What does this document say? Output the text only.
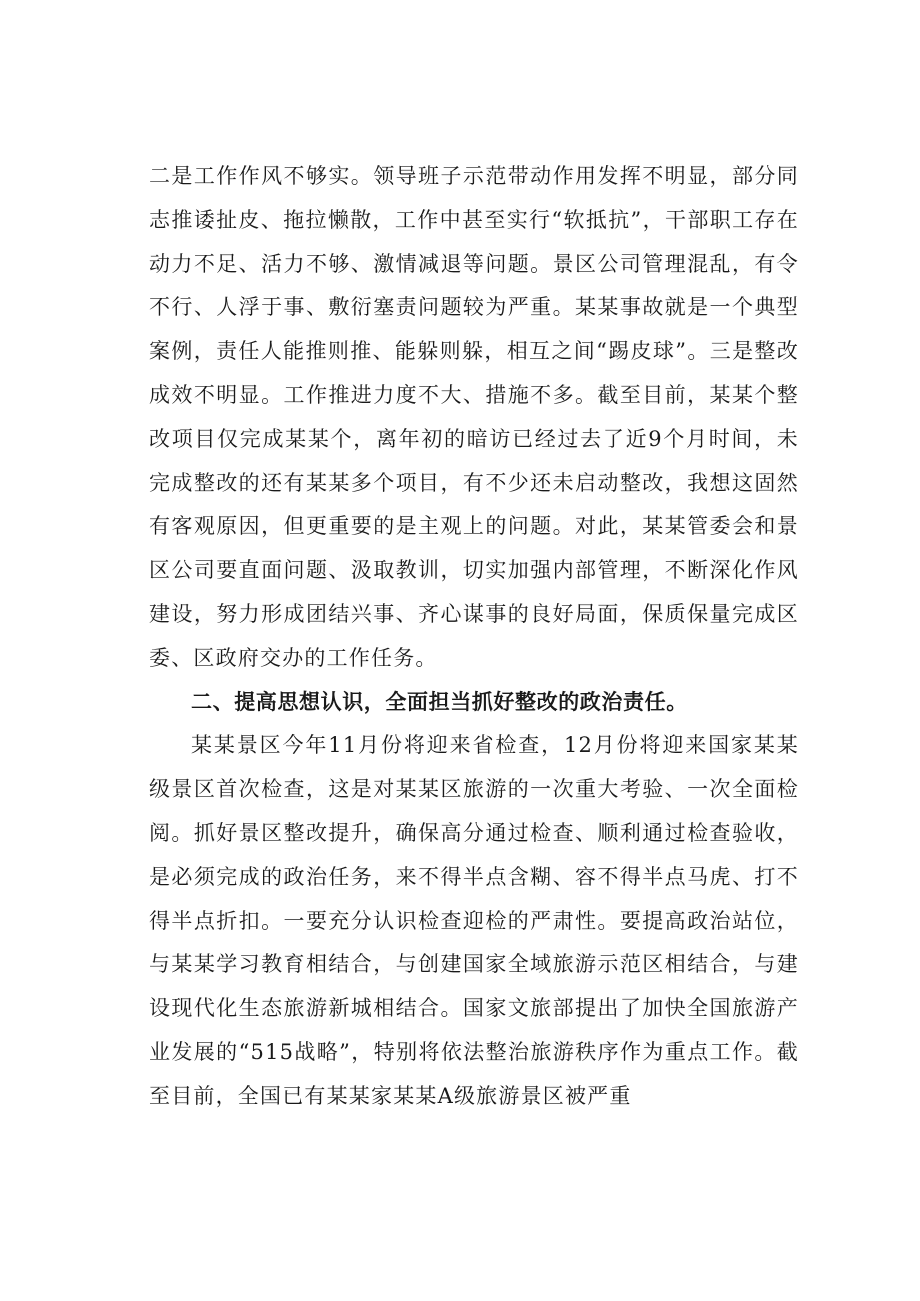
二是工作作风不够实。领导班子示范带动作用发挥不明显，部分同志推诿扯皮、拖拉懒散，工作中甚至实行“软抵抗”，干部职工存在动力不足、活力不够、激情减退等问题。景区公司管理混乱，有令不行、人浮于事、敷衍塞责问题较为严重。某某事故就是一个典型案例，责任人能推则推、能躲则躲，相互之间“踢皮球”。三是整改成效不明显。工作推进力度不大、措施不多。截至目前，某某个整改项目仅完成某某个，离年初的暗访已经过去了近9个月时间，未完成整改的还有某某多个项目，有不少还未启动整改，我想这固然有客观原因，但更重要的是主观上的问题。对此，某某管委会和景区公司要直面问题、汲取教训，切实加强内部管理，不断深化作风建设，努力形成团结兴事、齐心谋事的良好局面，保质保量完成区委、区政府交办的工作任务。

二、提高思想认识，全面担当抓好整改的政治责任。

某某景区今年11月份将迎来省检查，12月份将迎来国家某某级景区首次检查，这是对某某区旅游的一次重大考验、一次全面检阅。抓好景区整改提升，确保高分通过检查、顺利通过检查验收，是必须完成的政治任务，来不得半点含糊、容不得半点马虎、打不得半点折扣。一要充分认识检查迎检的严肃性。要提高政治站位，与某某学习教育相结合，与创建国家全域旅游示范区相结合，与建设现代化生态旅游新城相结合。国家文旅部提出了加快全国旅游产业发展的“515战略”，特别将依法整治旅游秩序作为重点工作。截至目前，全国已有某某家某某A级旅游景区被严重
